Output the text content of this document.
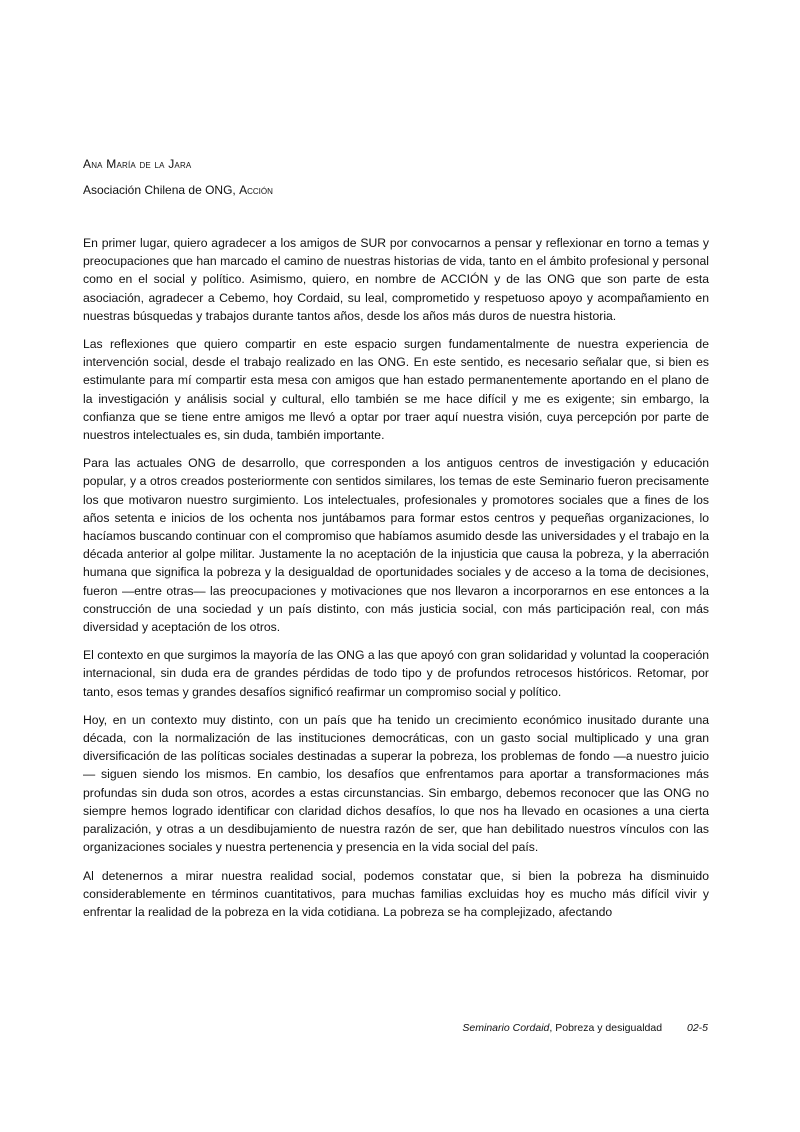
Ana María de la Jara

Asociación Chilena de ONG, Acción

En primer lugar, quiero agradecer a los amigos de SUR por convocarnos a pensar y reflexionar en torno a temas y preocupaciones que han marcado el camino de nuestras historias de vida, tanto en el ámbito profesional y personal como en el social y político. Asimismo, quiero, en nombre de ACCIÓN y de las ONG que son parte de esta asociación, agradecer a Cebemo, hoy Cordaid, su leal, comprometido y respetuoso apoyo y acompañamiento en nuestras búsquedas y trabajos durante tantos años, desde los años más duros de nuestra historia.

Las reflexiones que quiero compartir en este espacio surgen fundamentalmente de nuestra experiencia de intervención social, desde el trabajo realizado en las ONG. En este sentido, es necesario señalar que, si bien es estimulante para mí compartir esta mesa con amigos que han estado permanentemente aportando en el plano de la investigación y análisis social y cultural, ello también se me hace difícil y me es exigente; sin embargo, la confianza que se tiene entre amigos me llevó a optar por traer aquí nuestra visión, cuya percepción por parte de nuestros intelectuales es, sin duda, también importante.

Para las actuales ONG de desarrollo, que corresponden a los antiguos centros de investigación y educación popular, y a otros creados posteriormente con sentidos similares, los temas de este Seminario fueron precisamente los que motivaron nuestro surgimiento. Los intelectuales, profesionales y promotores sociales que a fines de los años setenta e inicios de los ochenta nos juntábamos para formar estos centros y pequeñas organizaciones, lo hacíamos buscando continuar con el compromiso que habíamos asumido desde las universidades y el trabajo en la década anterior al golpe militar. Justamente la no aceptación de la injusticia que causa la pobreza, y la aberración humana que significa la pobreza y la desigualdad de oportunidades sociales y de acceso a la toma de decisiones, fueron —entre otras— las preocupaciones y motivaciones que nos llevaron a incorporarnos en ese entonces a la construcción de una sociedad y un país distinto, con más justicia social, con más participación real, con más diversidad y aceptación de los otros.

El contexto en que surgimos la mayoría de las ONG a las que apoyó con gran solidaridad y voluntad la cooperación internacional, sin duda era de grandes pérdidas de todo tipo y de profundos retrocesos históricos. Retomar, por tanto, esos temas y grandes desafíos significó reafirmar un compromiso social y político.

Hoy, en un contexto muy distinto, con un país que ha tenido un crecimiento económico inusitado durante una década, con la normalización de las instituciones democráticas, con un gasto social multiplicado y una gran diversificación de las políticas sociales destinadas a superar la pobreza, los problemas de fondo —a nuestro juicio— siguen siendo los mismos. En cambio, los desafíos que enfrentamos para aportar a transformaciones más profundas sin duda son otros, acordes a estas circunstancias. Sin embargo, debemos reconocer que las ONG no siempre hemos logrado identificar con claridad dichos desafíos, lo que nos ha llevado en ocasiones a una cierta paralización, y otras a un desdibujamiento de nuestra razón de ser, que han debilitado nuestros vínculos con las organizaciones sociales y nuestra pertenencia y presencia en la vida social del país.

Al detenernos a mirar nuestra realidad social, podemos constatar que, si bien la pobreza ha disminuido considerablemente en términos cuantitativos, para muchas familias excluidas hoy es mucho más difícil vivir y enfrentar la realidad de la pobreza en la vida cotidiana. La pobreza se ha complejizado, afectando

Seminario Cordaid, Pobreza y desigualdad 02-5
